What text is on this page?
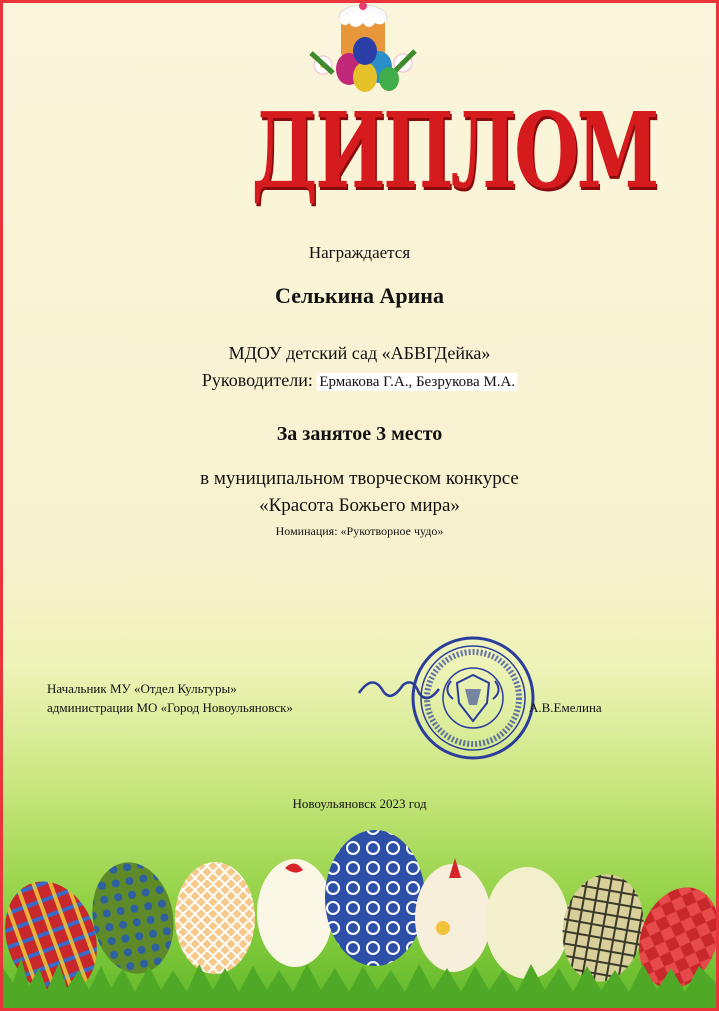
ДИПЛОМ
Награждается
Селькина Арина
МДОУ детский сад «АБВГДейка»
Руководители: Ермакова Г.А., Безрукова М.А.
За занятое 3 место
в муниципальном творческом конкурсе
«Красота Божьего мира»
Номинация: «Рукотворное чудо»
Начальник МУ «Отдел Культуры»
администрации МО «Город Новоульяновск»	А.В.Емелина
Новоульяновск 2023 год
